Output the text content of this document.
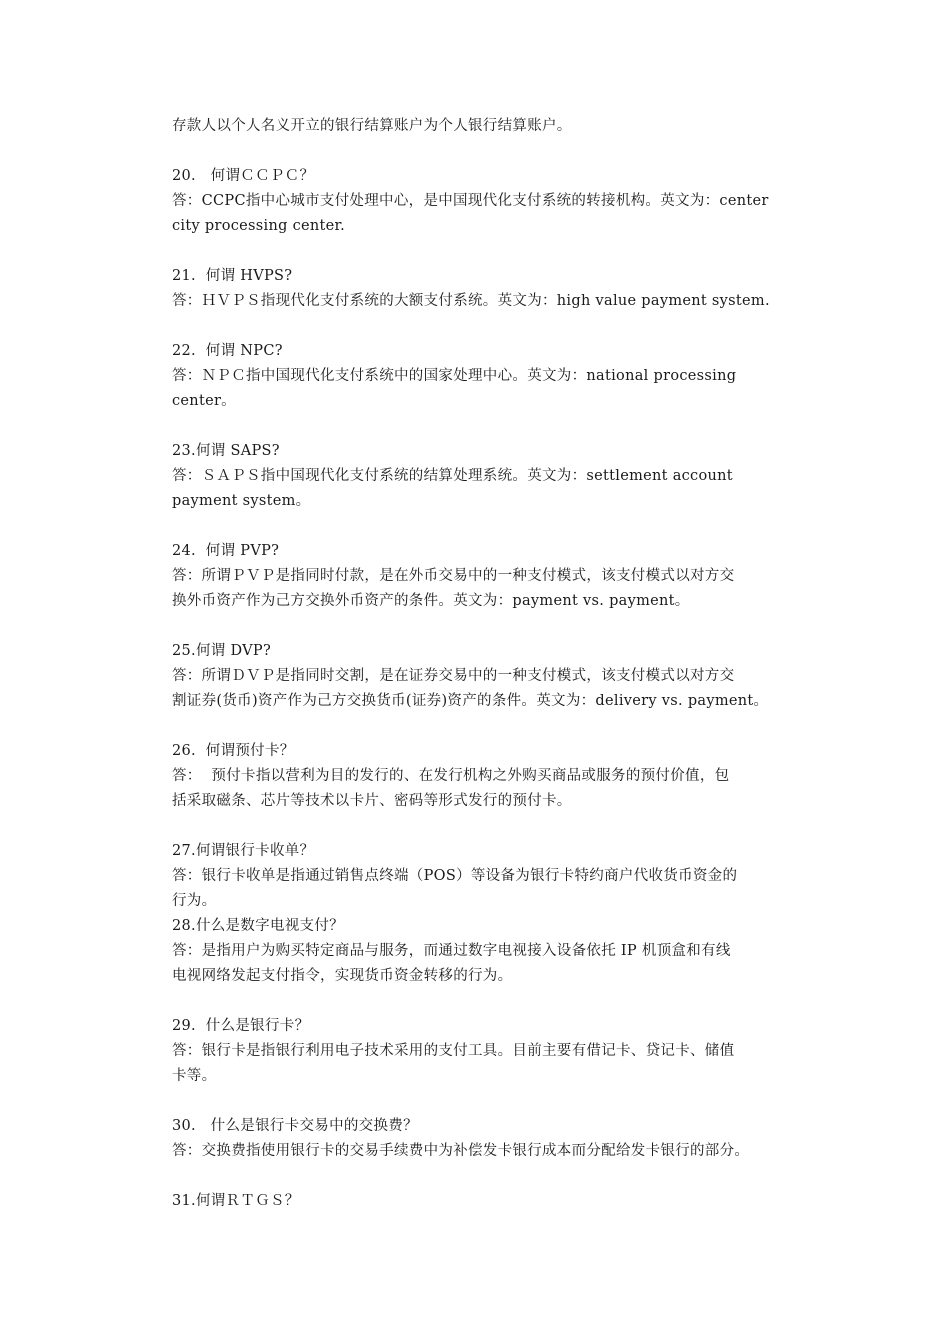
存款人以个人名义开立的银行结算账户为个人银行结算账户。
20.   何谓ＣＣＰＣ？
答：CCPC指中心城市支付处理中心，是中国现代化支付系统的转接机构。英文为：center
city processing center.
21.  何谓 HVPS?
答：ＨＶＰＳ指现代化支付系统的大额支付系统。英文为：high value payment system.
22.  何谓 NPC?
答：ＮＰＣ指中国现代化支付系统中的国家处理中心。英文为：national processing
center。
23.何谓 SAPS?
答：ＳＡＰＳ指中国现代化支付系统的结算处理系统。英文为：settlement account
payment system。
24.  何谓 PVP?
答：所谓ＰＶＰ是指同时付款，是在外币交易中的一种支付模式，该支付模式以对方交
换外币资产作为己方交换外币资产的条件。英文为：payment vs. payment。
25.何谓 DVP?
答：所谓ＤＶＰ是指同时交割，是在证券交易中的一种支付模式，该支付模式以对方交
割证券(货币)资产作为己方交换货币(证券)资产的条件。英文为：delivery vs. payment。
26.  何谓预付卡？
答：  预付卡指以营利为目的发行的、在发行机构之外购买商品或服务的预付价值，包
括采取磁条、芯片等技术以卡片、密码等形式发行的预付卡。
27.何谓银行卡收单？
答：银行卡收单是指通过销售点终端（POS）等设备为银行卡特约商户代收货币资金的
行为。
28.什么是数字电视支付？
答：是指用户为购买特定商品与服务，而通过数字电视接入设备依托 IP 机顶盒和有线
电视网络发起支付指令，实现货币资金转移的行为。
29.  什么是银行卡？
答：银行卡是指银行利用电子技术采用的支付工具。目前主要有借记卡、贷记卡、储值
卡等。
30.   什么是银行卡交易中的交换费？
答：交换费指使用银行卡的交易手续费中为补偿发卡银行成本而分配给发卡银行的部分。
31.何谓ＲＴＧＳ？
